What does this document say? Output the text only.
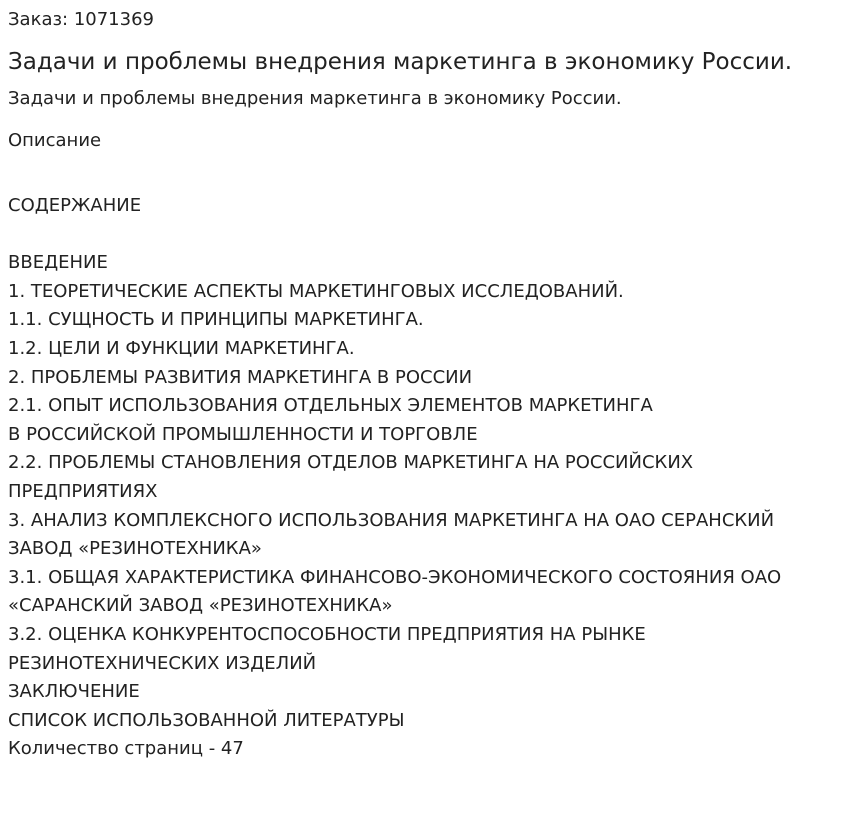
Заказ: 1071369
Задачи и проблемы внедрения маркетинга в экономику России.
Задачи и проблемы внедрения маркетинга в экономику России.
Описание
СОДЕРЖАНИЕ
ВВЕДЕНИЕ
1. ТЕОРЕТИЧЕСКИЕ АСПЕКТЫ МАРКЕТИНГОВЫХ ИССЛЕДОВАНИЙ.
1.1. СУЩНОСТЬ И ПРИНЦИПЫ МАРКЕТИНГА.
1.2. ЦЕЛИ И ФУНКЦИИ МАРКЕТИНГА.
2. ПРОБЛЕМЫ РАЗВИТИЯ МАРКЕТИНГА В РОССИИ
2.1. ОПЫТ ИСПОЛЬЗОВАНИЯ ОТДЕЛЬНЫХ ЭЛЕМЕНТОВ МАРКЕТИНГА
В РОССИЙСКОЙ ПРОМЫШЛЕННОСТИ И ТОРГОВЛЕ
2.2. ПРОБЛЕМЫ СТАНОВЛЕНИЯ ОТДЕЛОВ МАРКЕТИНГА НА РОССИЙСКИХ
ПРЕДПРИЯТИЯХ
3. АНАЛИЗ КОМПЛЕКСНОГО ИСПОЛЬЗОВАНИЯ МАРКЕТИНГА НА ОАО СЕРАНСКИЙ
ЗАВОД «РЕЗИНОТЕХНИКА»
3.1. ОБЩАЯ ХАРАКТЕРИСТИКА ФИНАНСОВО-ЭКОНОМИЧЕСКОГО СОСТОЯНИЯ ОАО
«САРАНСКИЙ ЗАВОД «РЕЗИНОТЕХНИКА»
3.2. ОЦЕНКА КОНКУРЕНТОСПОСОБНОСТИ ПРЕДПРИЯТИЯ НА РЫНКЕ
РЕЗИНОТЕХНИЧЕСКИХ ИЗДЕЛИЙ
ЗАКЛЮЧЕНИЕ
СПИСОК ИСПОЛЬЗОВАННОЙ ЛИТЕРАТУРЫ
Количество страниц - 47
